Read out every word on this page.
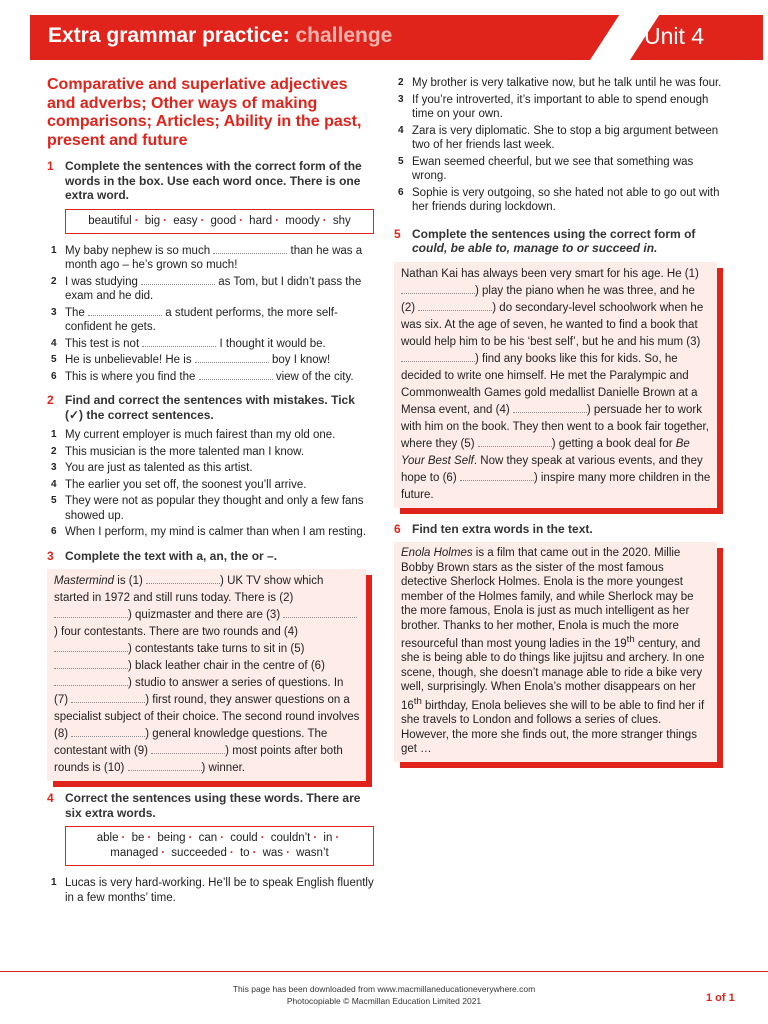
Extra grammar practice: challenge	Unit 4
Comparative and superlative adjectives and adverbs; Other ways of making comparisons; Articles; Ability in the past, present and future
1 Complete the sentences with the correct form of the words in the box. Use each word once. There is one extra word.
beautiful · big · easy · good · hard · moody · shy
1 My baby nephew is so much	than he was a month ago – he’s grown so much!
2 I was studying	as Tom, but I didn’t pass the exam and he did.
3 The	a student performs, the more self-confident he gets.
4 This test is not	I thought it would be.
5 He is unbelievable! He is	boy I know!
6 This is where you find the	view of the city.
2 Find and correct the sentences with mistakes. Tick (✓) the correct sentences.
1 My current employer is much fairest than my old one.
2 This musician is the more talented man I know.
3 You are just as talented as this artist.
4 The earlier you set off, the soonest you’ll arrive.
5 They were not as popular they thought and only a few fans showed up.
6 When I perform, my mind is calmer than when I am resting.
3 Complete the text with a, an, the or –.
Mastermind is (1)	) UK TV show which started in 1972 and still runs today. There is (2) ) quizmaster and there are (3) ) four contestants. There are two rounds and (4) ) contestants take turns to sit in (5) ) black leather chair in the centre of (6) ) studio to answer a series of questions. In (7)	) first round, they answer questions on a specialist subject of their choice. The second round involves (8)	) general knowledge questions. The contestant with (9)	) most points after both rounds is (10)	) winner.
4 Correct the sentences using these words. There are six extra words.
able · be · being · can · could · couldn’t · in ·
managed · succeeded · to · was · wasn’t
1 Lucas is very hard-working. He’ll be to speak English fluently in a few months’ time.
2 My brother is very talkative now, but he talk until he was four.
3 If you’re introverted, it’s important to able to spend enough time on your own.
4 Zara is very diplomatic. She to stop a big argument between two of her friends last week.
5 Ewan seemed cheerful, but we see that something was wrong.
6 Sophie is very outgoing, so she hated not able to go out with her friends during lockdown.
5 Complete the sentences using the correct form of
could, be able to, manage to or succeed in.
Nathan Kai has always been very smart for his age. He (1) ) play the piano when he was three, and he (2)	) do secondary-level schoolwork when he was six. At the age of seven, he wanted to find a book that would help him to be his ‘best self’, but he and his mum (3) ) find any books like this for kids. So, he decided to write one himself. He met the Paralympic and Commonwealth Games gold medallist Danielle Brown at a Mensa event, and (4)	) persuade her to work with him on the book. They then went to a book fair together, where they (5)	) getting a book deal for Be Your Best Self. Now they speak at various events, and they hope to (6)	) inspire many more children in the future.
6 Find ten extra words in the text.
Enola Holmes is a film that came out in the 2020. Millie Bobby Brown stars as the sister of the most famous detective Sherlock Holmes. Enola is the more youngest member of the Holmes family, and while Sherlock may be the more famous, Enola is just as much intelligent as her brother. Thanks to her mother, Enola is much the more resourceful than most young ladies in the 19th century, and she is being able to do things like jujitsu and archery. In one scene, though, she doesn’t manage able to ride a bike very well, surprisingly. When Enola’s mother disappears on her 16th birthday, Enola believes she will to be able to find her if she travels to London and follows a series of clues. However, the more she finds out, the more stranger things get …
This page has been downloaded from www.macmillaneducationeverywhere.com
Photocopiable © Macmillan Education Limited 2021	1 of 1
